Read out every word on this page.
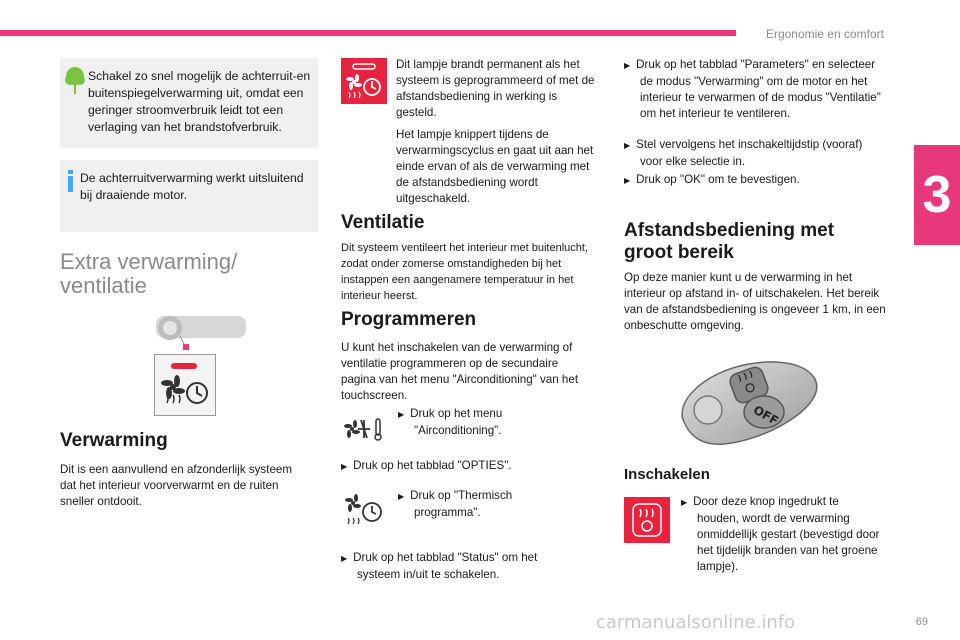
Ergonomie en comfort
3
Schakel zo snel mogelijk de achterruit-en buitenspiegelverwarming uit, omdat een geringer stroomverbruik leidt tot een verlaging van het brandstofverbruik.
De achterruitverwarming werkt uitsluitend bij draaiende motor.
Extra verwarming/
ventilatie
Verwarming
Dit is een aanvullend en afzonderlijk systeem dat het interieur voorverwarmt en de ruiten sneller ontdooit.
Dit lampje brandt permanent als het systeem is geprogrammeerd of met de afstandsbediening in werking is gesteld.
Het lampje knippert tijdens de verwarmingscyclus en gaat uit aan het einde ervan of als de verwarming met de afstandsbediening wordt uitgeschakeld.
Ventilatie
Dit systeem ventileert het interieur met buitenlucht, zodat onder zomerse omstandigheden bij het instappen een aangenamere temperatuur in het interieur heerst.
Programmeren
U kunt het inschakelen van de verwarming of ventilatie programmeren op de secundaire pagina van het menu "Airconditioning" van het touchscreen.
▶ Druk op het menu "Airconditioning".
▶ Druk op het tabblad "OPTIES".
▶ Druk op "Thermisch programma".
▶ Druk op het tabblad "Status" om het systeem in/uit te schakelen.
▶ Druk op het tabblad "Parameters" en selecteer de modus "Verwarming" om de motor en het interieur te verwarmen of de modus "Ventilatie" om het interieur te ventileren.
▶ Stel vervolgens het inschakeltijdstip (vooraf) voor elke selectie in.
▶ Druk op "OK" om te bevestigen.
Afstandsbediening met
groot bereik
Op deze manier kunt u de verwarming in het interieur op afstand in- of uitschakelen. Het bereik van de afstandsbediening is ongeveer 1 km, in een onbeschutte omgeving.
OFF
Inschakelen
▶ Door deze knop ingedrukt te houden, wordt de verwarming onmiddellijk gestart (bevestigd door het tijdelijk branden van het groene lampje).
69
carmanualsonline.info
